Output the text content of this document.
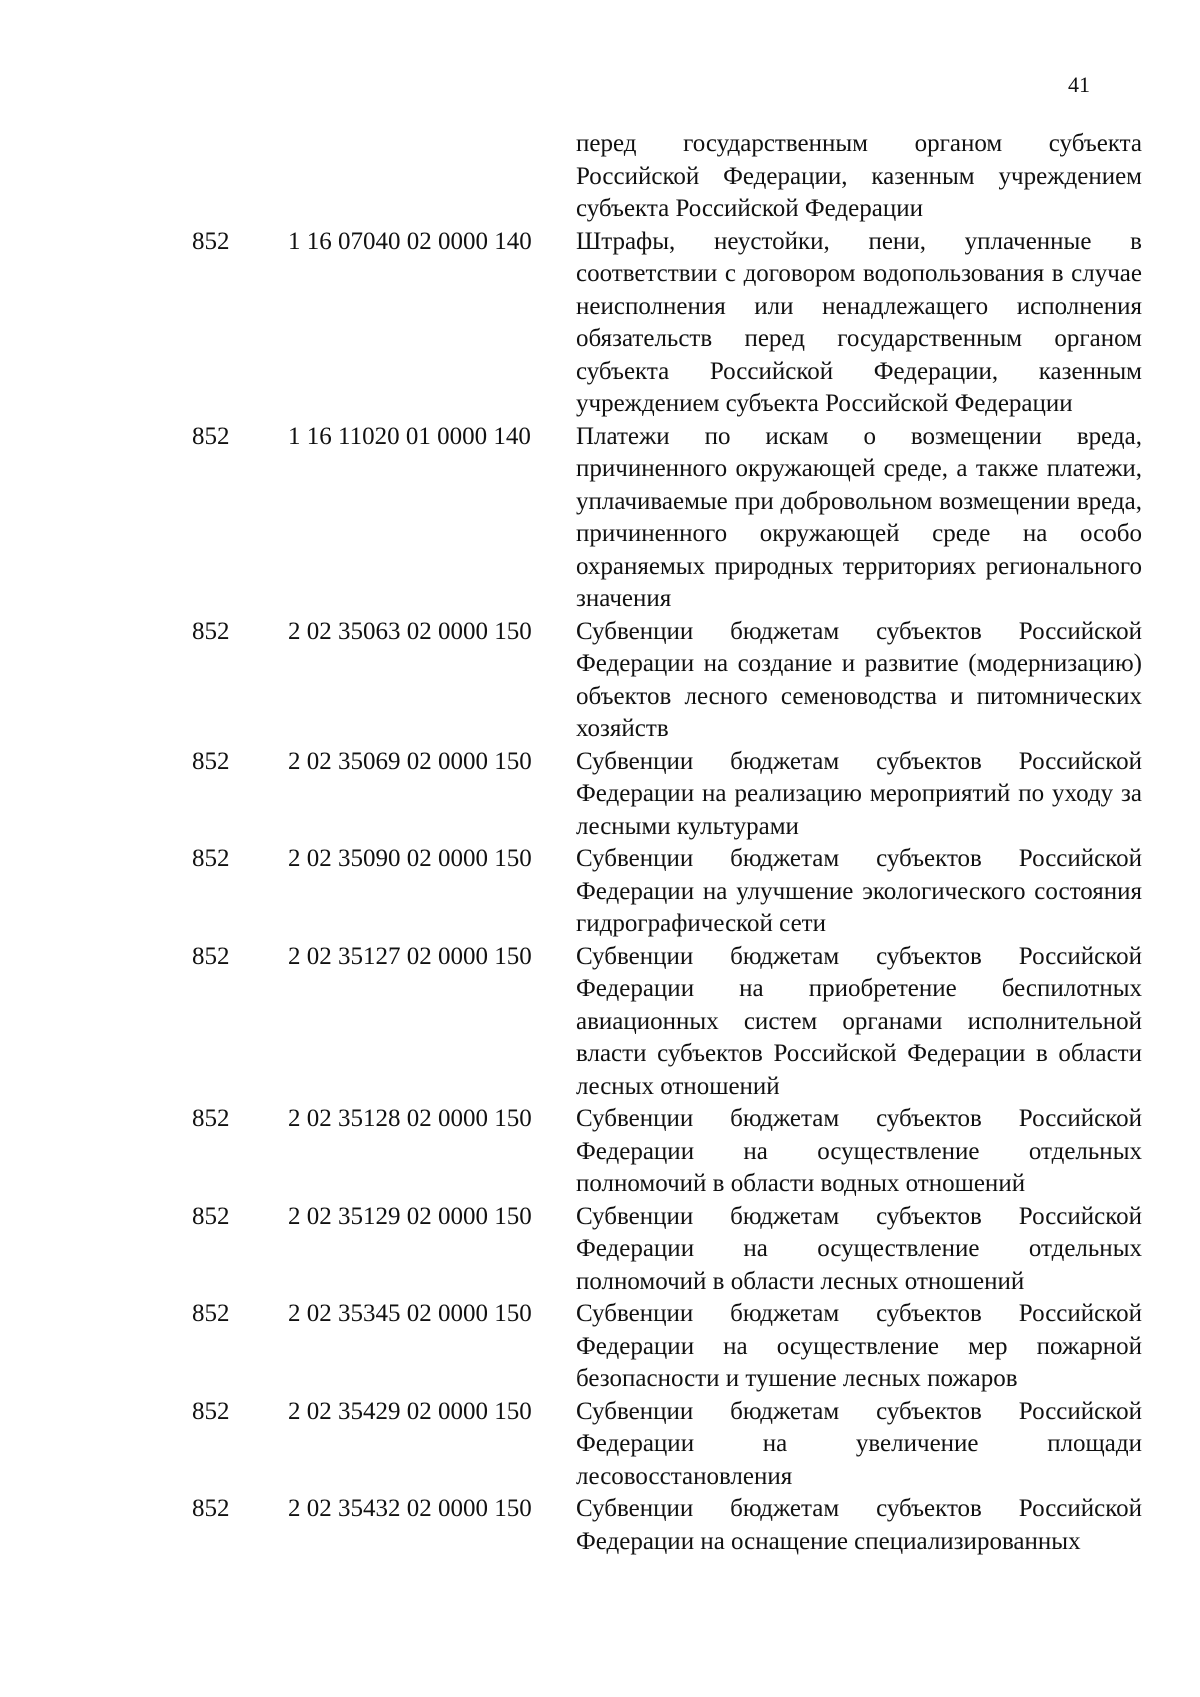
41
перед государственным органом субъекта Российской Федерации, казенным учреждением субъекта Российской Федерации
852 1 16 07040 02 0000 140 Штрафы, неустойки, пени, уплаченные в соответствии с договором водопользования в случае неисполнения или ненадлежащего исполнения обязательств перед государственным органом субъекта Российской Федерации, казенным учреждением субъекта Российской Федерации
852 1 16 11020 01 0000 140 Платежи по искам о возмещении вреда, причиненного окружающей среде, а также платежи, уплачиваемые при добровольном возмещении вреда, причиненного окружающей среде на особо охраняемых природных территориях регионального значения
852 2 02 35063 02 0000 150 Субвенции бюджетам субъектов Российской Федерации на создание и развитие (модернизацию) объектов лесного семеноводства и питомнических хозяйств
852 2 02 35069 02 0000 150 Субвенции бюджетам субъектов Российской Федерации на реализацию мероприятий по уходу за лесными культурами
852 2 02 35090 02 0000 150 Субвенции бюджетам субъектов Российской Федерации на улучшение экологического состояния гидрографической сети
852 2 02 35127 02 0000 150 Субвенции бюджетам субъектов Российской Федерации на приобретение беспилотных авиационных систем органами исполнительной власти субъектов Российской Федерации в области лесных отношений
852 2 02 35128 02 0000 150 Субвенции бюджетам субъектов Российской Федерации на осуществление отдельных полномочий в области водных отношений
852 2 02 35129 02 0000 150 Субвенции бюджетам субъектов Российской Федерации на осуществление отдельных полномочий в области лесных отношений
852 2 02 35345 02 0000 150 Субвенции бюджетам субъектов Российской Федерации на осуществление мер пожарной безопасности и тушение лесных пожаров
852 2 02 35429 02 0000 150 Субвенции бюджетам субъектов Российской Федерации на увеличение площади лесовосстановления
852 2 02 35432 02 0000 150 Субвенции бюджетам субъектов Российской Федерации на оснащение специализированных
